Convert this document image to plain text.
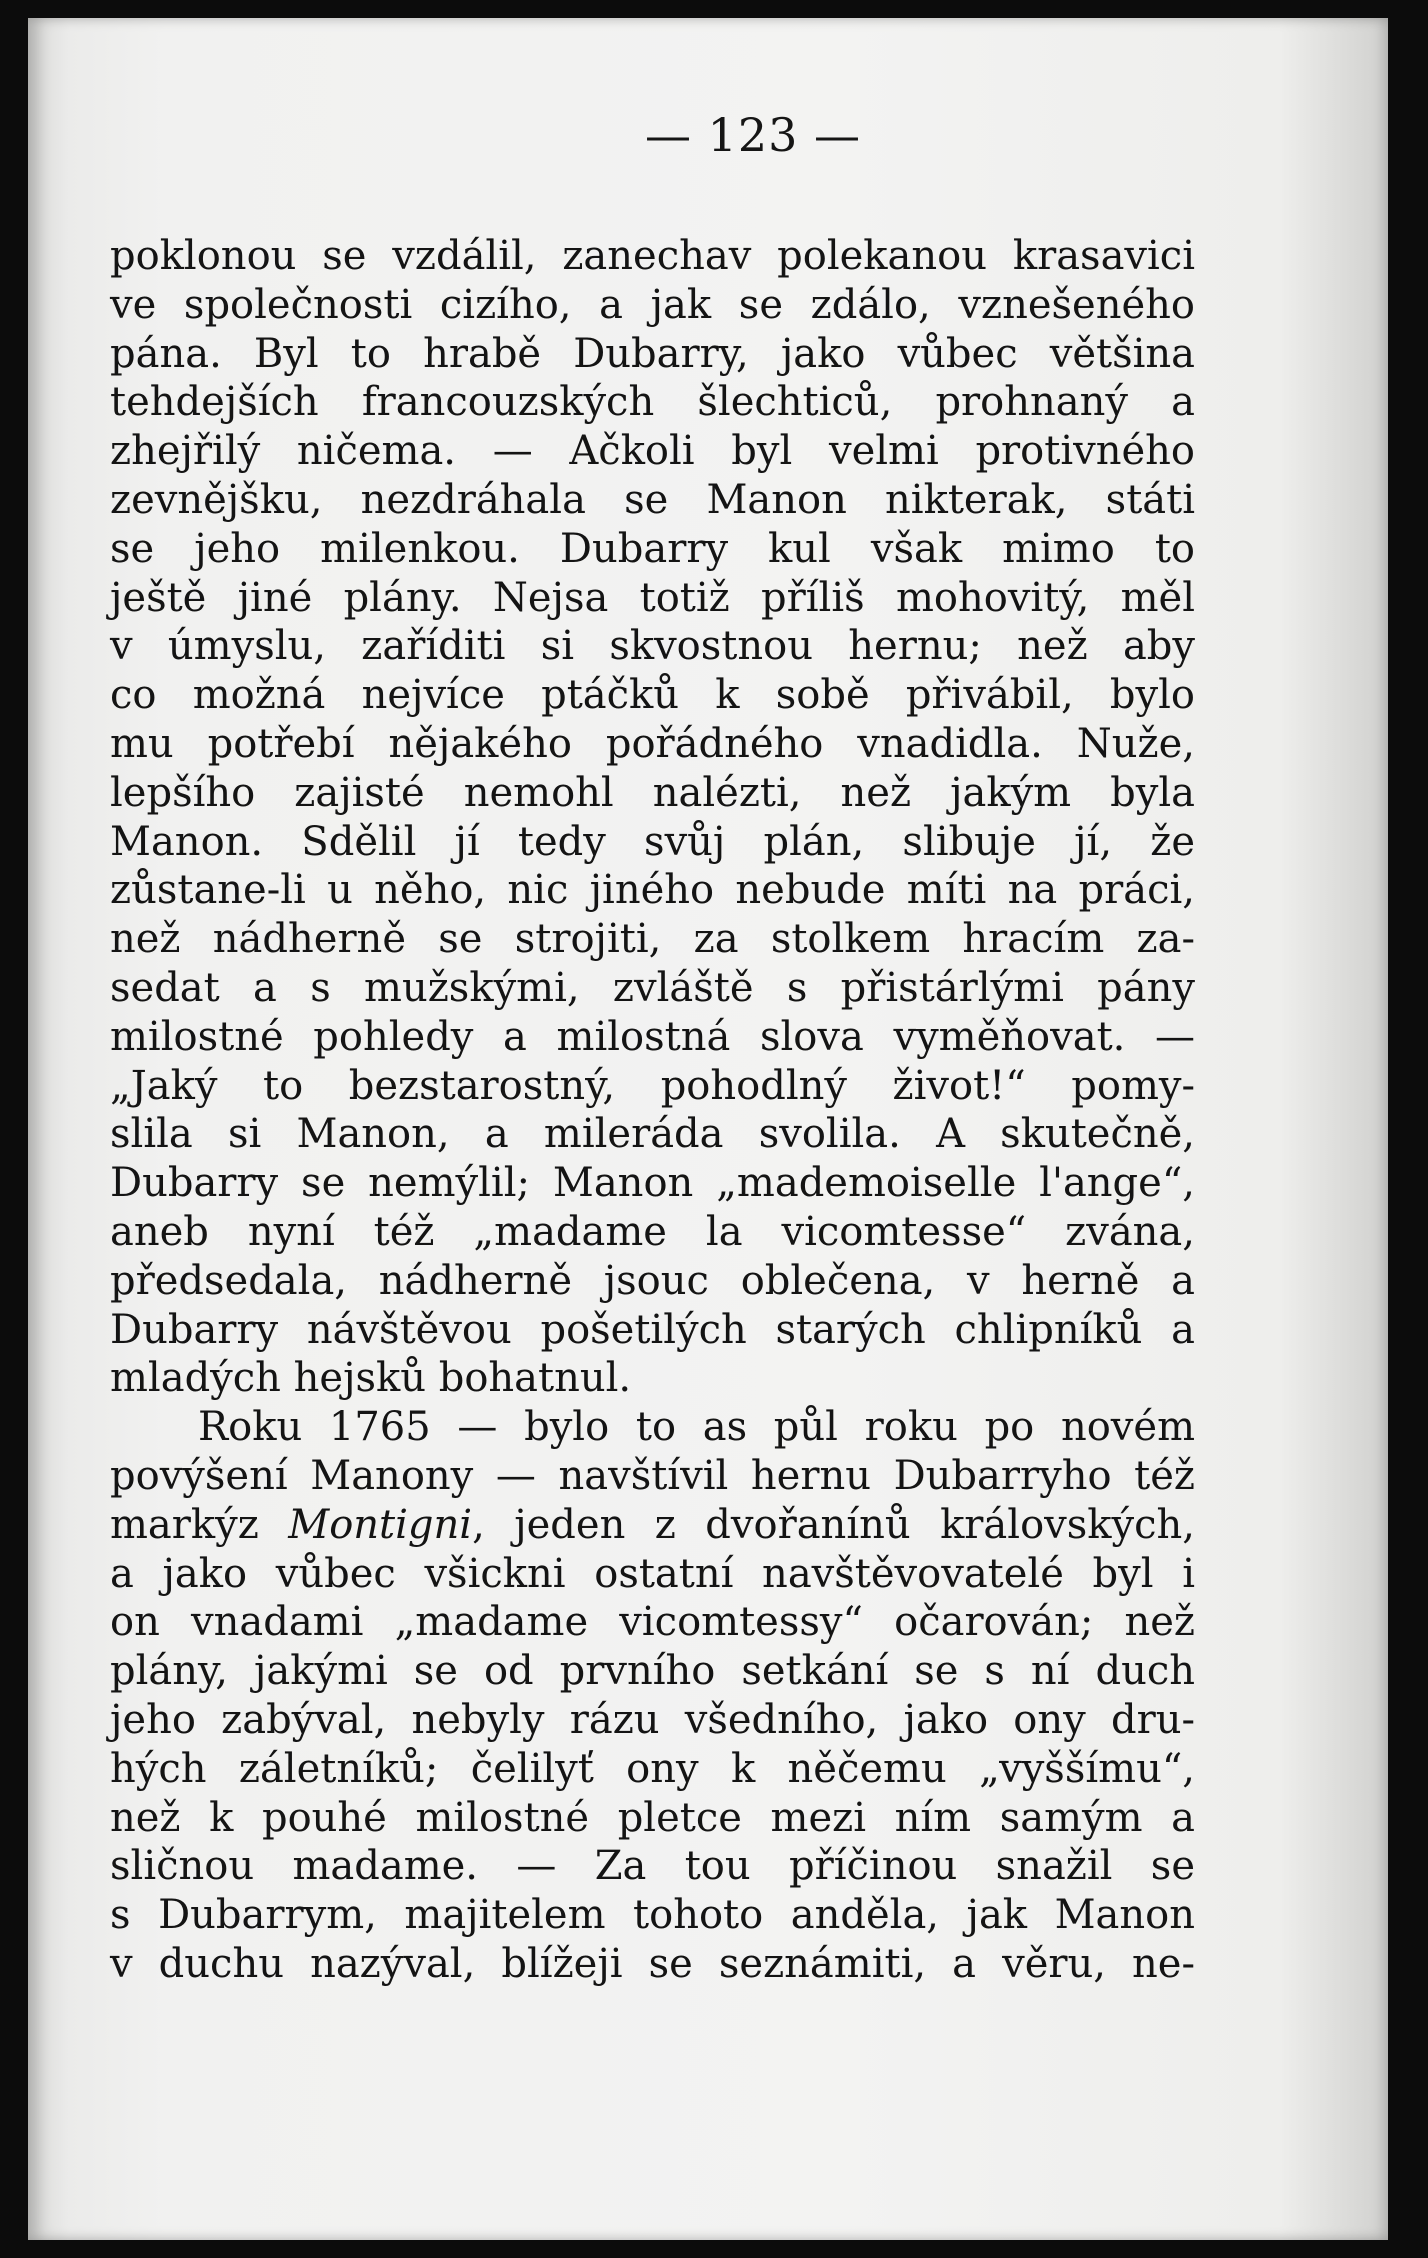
— 123 —
poklonou se vzdálil, zanechav polekanou krasavici
ve společnosti cizího, a jak se zdálo, vznešeného
pána. Byl to hrabě Dubarry, jako vůbec většina
tehdejších francouzských šlechticů, prohnaný a
zhejřilý ničema. — Ačkoli byl velmi protivného
zevnějšku, nezdráhala se Manon nikterak, státi
se jeho milenkou. Dubarry kul však mimo to
ještě jiné plány. Nejsa totiž příliš mohovitý, měl
v úmyslu, zaříditi si skvostnou hernu; než aby
co možná nejvíce ptáčků k sobě přivábil, bylo
mu potřebí nějakého pořádného vnadidla. Nuže,
lepšího zajisté nemohl nalézti, než jakým byla
Manon. Sdělil jí tedy svůj plán, slibuje jí, že
zůstane-li u něho, nic jiného nebude míti na práci,
než nádherně se strojiti, za stolkem hracím za-
sedat a s mužskými, zvláště s přistárlými pány
milostné pohledy a milostná slova vyměňovat. —
„Jaký to bezstarostný, pohodlný život!“ pomy-
slila si Manon, a mileráda svolila. A skutečně,
Dubarry se nemýlil; Manon „mademoiselle l'ange“,
aneb nyní též „madame la vicomtesse“ zvána,
předsedala, nádherně jsouc oblečena, v herně a
Dubarry návštěvou pošetilých starých chlipníků a
mladých hejsků bohatnul.
Roku 1765 — bylo to as půl roku po novém
povýšení Manony — navštívil hernu Dubarryho též
markýz Montigni, jeden z dvořanínů královských,
a jako vůbec všickni ostatní navštěvovatelé byl i
on vnadami „madame vicomtessy“ očarován; než
plány, jakými se od prvního setkání se s ní duch
jeho zabýval, nebyly rázu všedního, jako ony dru-
hých záletníků; čelilyť ony k něčemu „vyššímu“,
než k pouhé milostné pletce mezi ním samým a
sličnou madame. — Za tou příčinou snažil se
s Dubarrym, majitelem tohoto anděla, jak Manon
v duchu nazýval, blížeji se seznámiti, a věru, ne-
